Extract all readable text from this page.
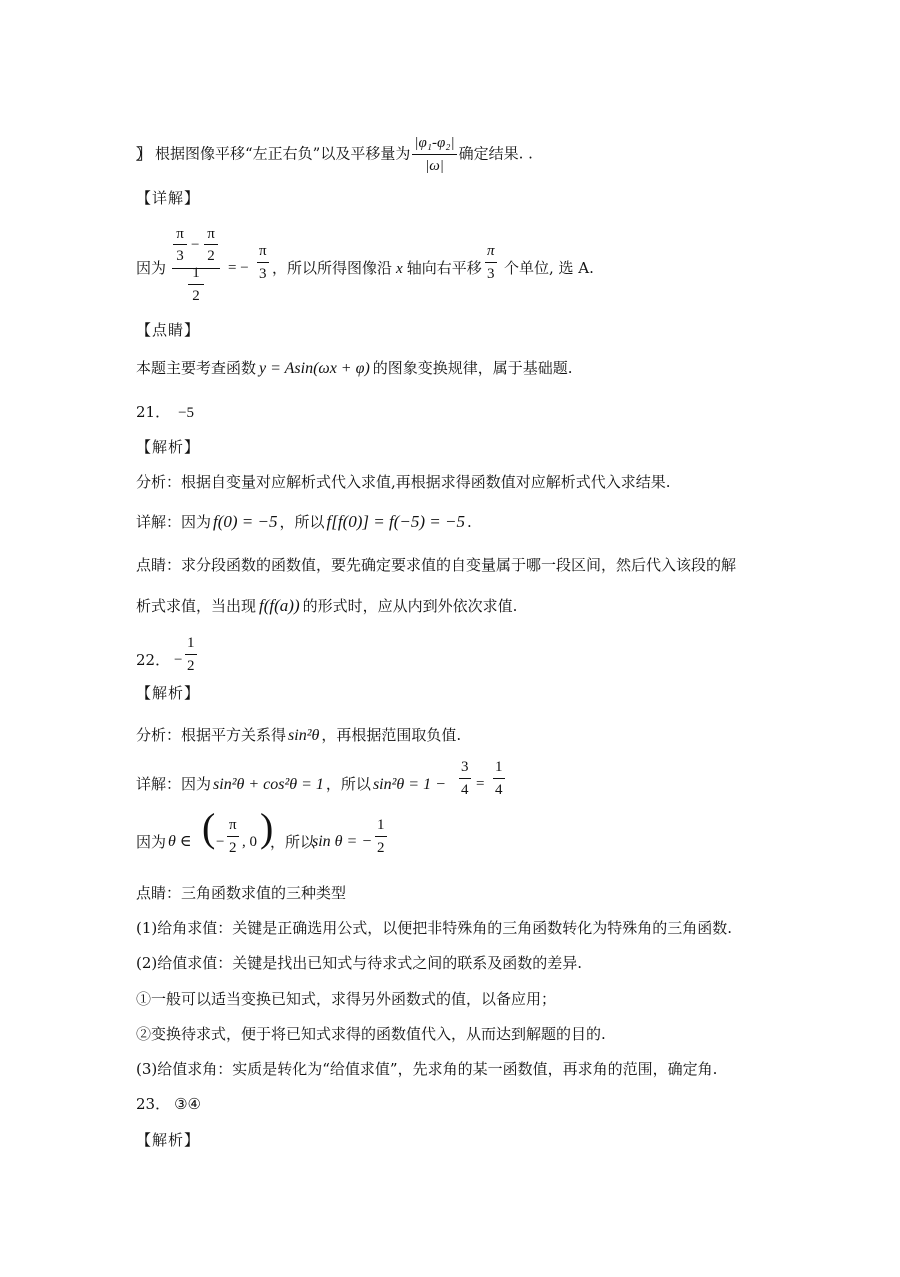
〗 根据图像平移“左正右负”以及平移量为 $\frac{\text{|φ₁-φ₂|}}{|\omega|}$ 确定结果. .
【详解】
因为
π
3
−
π
2
1
2
= − $\frac{\pi}{3}$ ，所以所得图像沿 x 轴向右平移 $\frac{\pi}{3}$ 个单位, 选 A.
【点睛】
本题主要考查函数 y = Asin(ωx + φ) 的图象变换规律，属于基础题.
21． −5
【解析】
分析：根据自变量对应解析式代入求值,再根据求得函数值对应解析式代入求结果.
详解：因为 f(0) = −5 ，所以 f[f(0)] = f(−5) = −5 .
点睛：求分段函数的函数值，要先确定要求值的自变量属于哪一段区间，然后代入该段的解
析式求值，当出现 f(f(a)) 的形式时，应从内到外依次求值.
22． − $\frac{1}{2}$
【解析】
分析：根据平方关系得 sin²θ ，再根据范围取负值.
详解：因为 sin²θ + cos²θ = 1 ，所以 $\sin^2\theta = 1 - \frac{3}{4} = \frac{1}{4}$
因为 θ ∈ ( − $\frac{\pi}{2}$ , 0 )
，所以
sin θ = − $\frac{1}{2}$
点睛：三角函数求值的三种类型
(1)给角求值：关键是正确选用公式，以便把非特殊角的三角函数转化为特殊角的三角函数.
(2)给值求值：关键是找出已知式与待求式之间的联系及函数的差异.
①一般可以适当变换已知式，求得另外函数式的值，以备应用；
②变换待求式，便于将已知式求得的函数值代入，从而达到解题的目的.
(3)给值求角：实质是转化为“给值求值”，先求角的某一函数值，再求角的范围，确定角.
23． ③④
【解析】
